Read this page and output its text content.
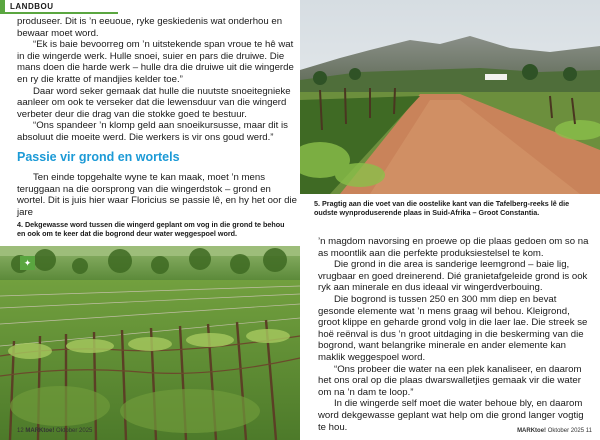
LANDBOU

produseer. Dit is ’n eeuoue, ryke geskiedenis wat onderhou en bewaar moet word.

“Ek is baie bevoorreg om ’n uitstekende span vroue te hê wat in die wingerde werk. Hulle snoei, suier en pars die druiwe. Die mans doen die harde werk – hulle dra die druiwe uit die wingerde en ry die kratte of mandjies kelder toe.”

Daar word seker gemaak dat hulle die nuutste snoeitegnieke aanleer om ook te verseker dat die lewensduur van die wingerd verbeter deur die drag van die stokke goed te bestuur.

“Ons spandeer ’n klomp geld aan snoeikursusse, maar dit is absoluut die moeite werd. Die werkers is vir ons goud werd.”

Passie vir grond en wortels

Ten einde topgehalte wyne te kan maak, moet ’n mens teruggaan na die oorsprong van die wingerdstok – grond en wortel. Dit is juis hier waar Floricius se passie lê, en hy het oor die jare

4. Dekgewasse word tussen die wingerd geplant om vog in die grond te behou en ook om te keer dat die bogrond deur water weggespoel word.
✦
12 MARKtoe! Oktober 2025
5. Pragtig aan die voet van die oostelike kant van die Tafelberg-reeks lê die oudste wynproduserende plaas in Suid-Afrika – Groot Constantia.

’n magdom navorsing en proewe op die plaas gedoen om so na as moontlik aan die perfekte produksiestelsel te kom.

Die grond in die area is sanderige leemgrond – baie lig, vrugbaar en goed dreinerend. Dié granietafgeleide grond is ook ryk aan minerale en dus ideaal vir wingerdverbouing.

Die bogrond is tussen 250 en 300 mm diep en bevat gesonde elemente wat ’n mens graag wil behou. Kleigrond, groot klippe en geharde grond volg in die laer lae. Die streek se hoë reënval is dus ’n groot uitdaging in die beskerming van die bogrond, want belangrike minerale en ander elemente kan maklik weggespoel word.

“Ons probeer die water na een plek kanaliseer, en daarom het ons oral op die plaas dwarswalletjies gemaak vir die water om na ’n dam te loop.”

In die wingerde self moet die water behoue bly, en daarom word dekgewasse geplant wat help om die grond langer vogtig te hou.	MARKtoe! Oktober 2025 11
